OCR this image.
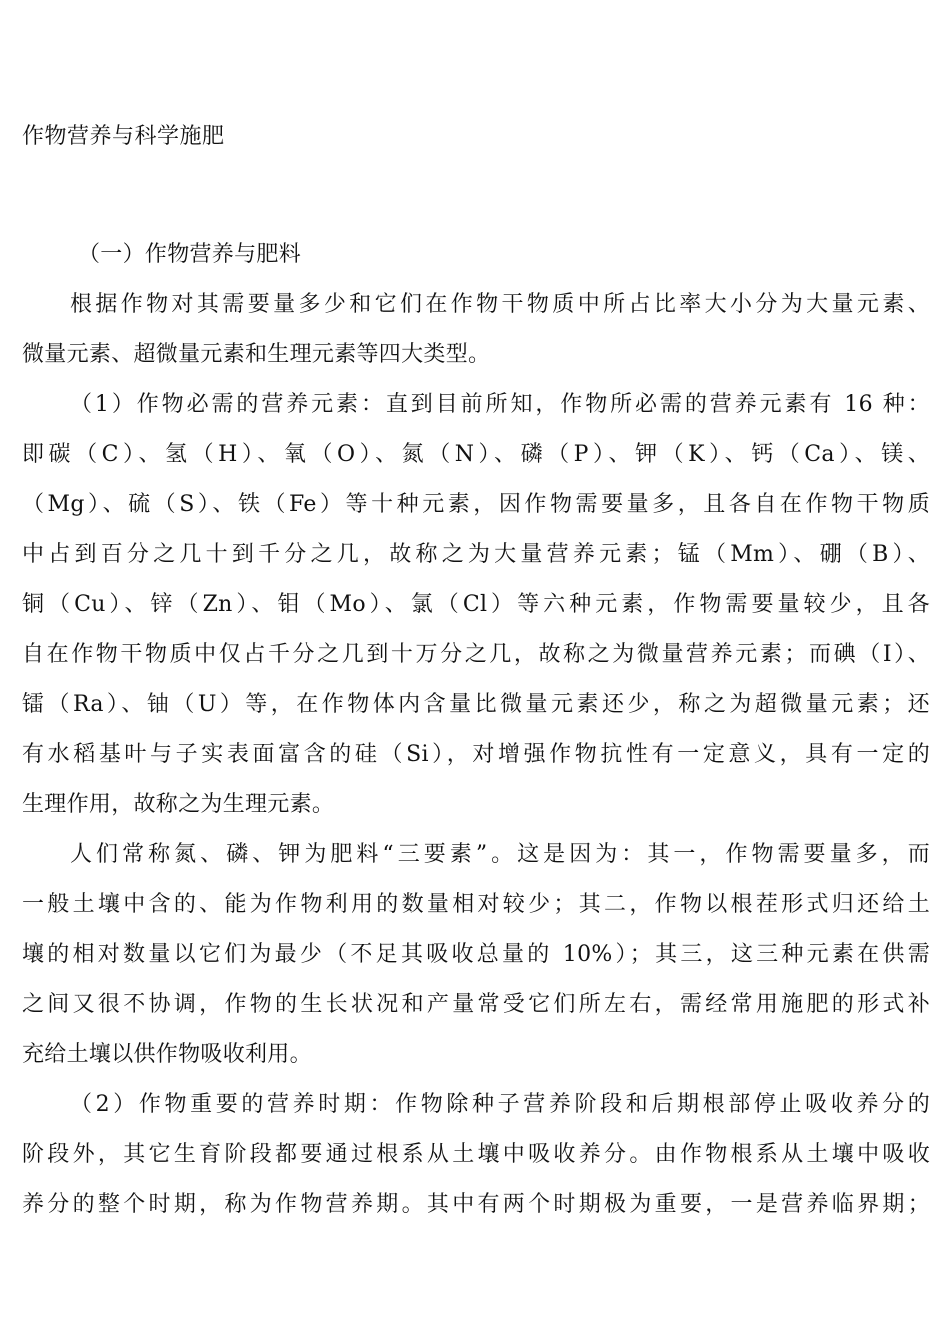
作物营养与科学施肥
（一）作物营养与肥料
根据作物对其需要量多少和它们在作物干物质中所占比率大小分为大量元素、
微量元素、超微量元素和生理元素等四大类型。
（1）作物必需的营养元素：直到目前所知，作物所必需的营养元素有 16 种：
即碳（C）、氢（H）、氧（O）、氮（N）、磷（P）、钾（K）、钙（Ca）、镁、
（Mg）、硫（S）、铁（Fe）等十种元素，因作物需要量多，且各自在作物干物质
中占到百分之几十到千分之几，故称之为大量营养元素；锰（Mm）、硼（B）、
铜（Cu）、锌（Zn）、钼（Mo）、氯（Cl）等六种元素，作物需要量较少，且各
自在作物干物质中仅占千分之几到十万分之几，故称之为微量营养元素；而碘（I）、
镭（Ra）、铀（U）等，在作物体内含量比微量元素还少，称之为超微量元素；还
有水稻基叶与子实表面富含的硅（Si），对增强作物抗性有一定意义，具有一定的
生理作用，故称之为生理元素。
人们常称氮、磷、钾为肥料“三要素”。这是因为：其一，作物需要量多，而
一般土壤中含的、能为作物利用的数量相对较少；其二，作物以根茬形式归还给土
壤的相对数量以它们为最少（不足其吸收总量的 10%）；其三，这三种元素在供需
之间又很不协调，作物的生长状况和产量常受它们所左右，需经常用施肥的形式补
充给土壤以供作物吸收利用。
（2）作物重要的营养时期：作物除种子营养阶段和后期根部停止吸收养分的
阶段外，其它生育阶段都要通过根系从土壤中吸收养分。由作物根系从土壤中吸收
养分的整个时期，称为作物营养期。其中有两个时期极为重要，一是营养临界期；
